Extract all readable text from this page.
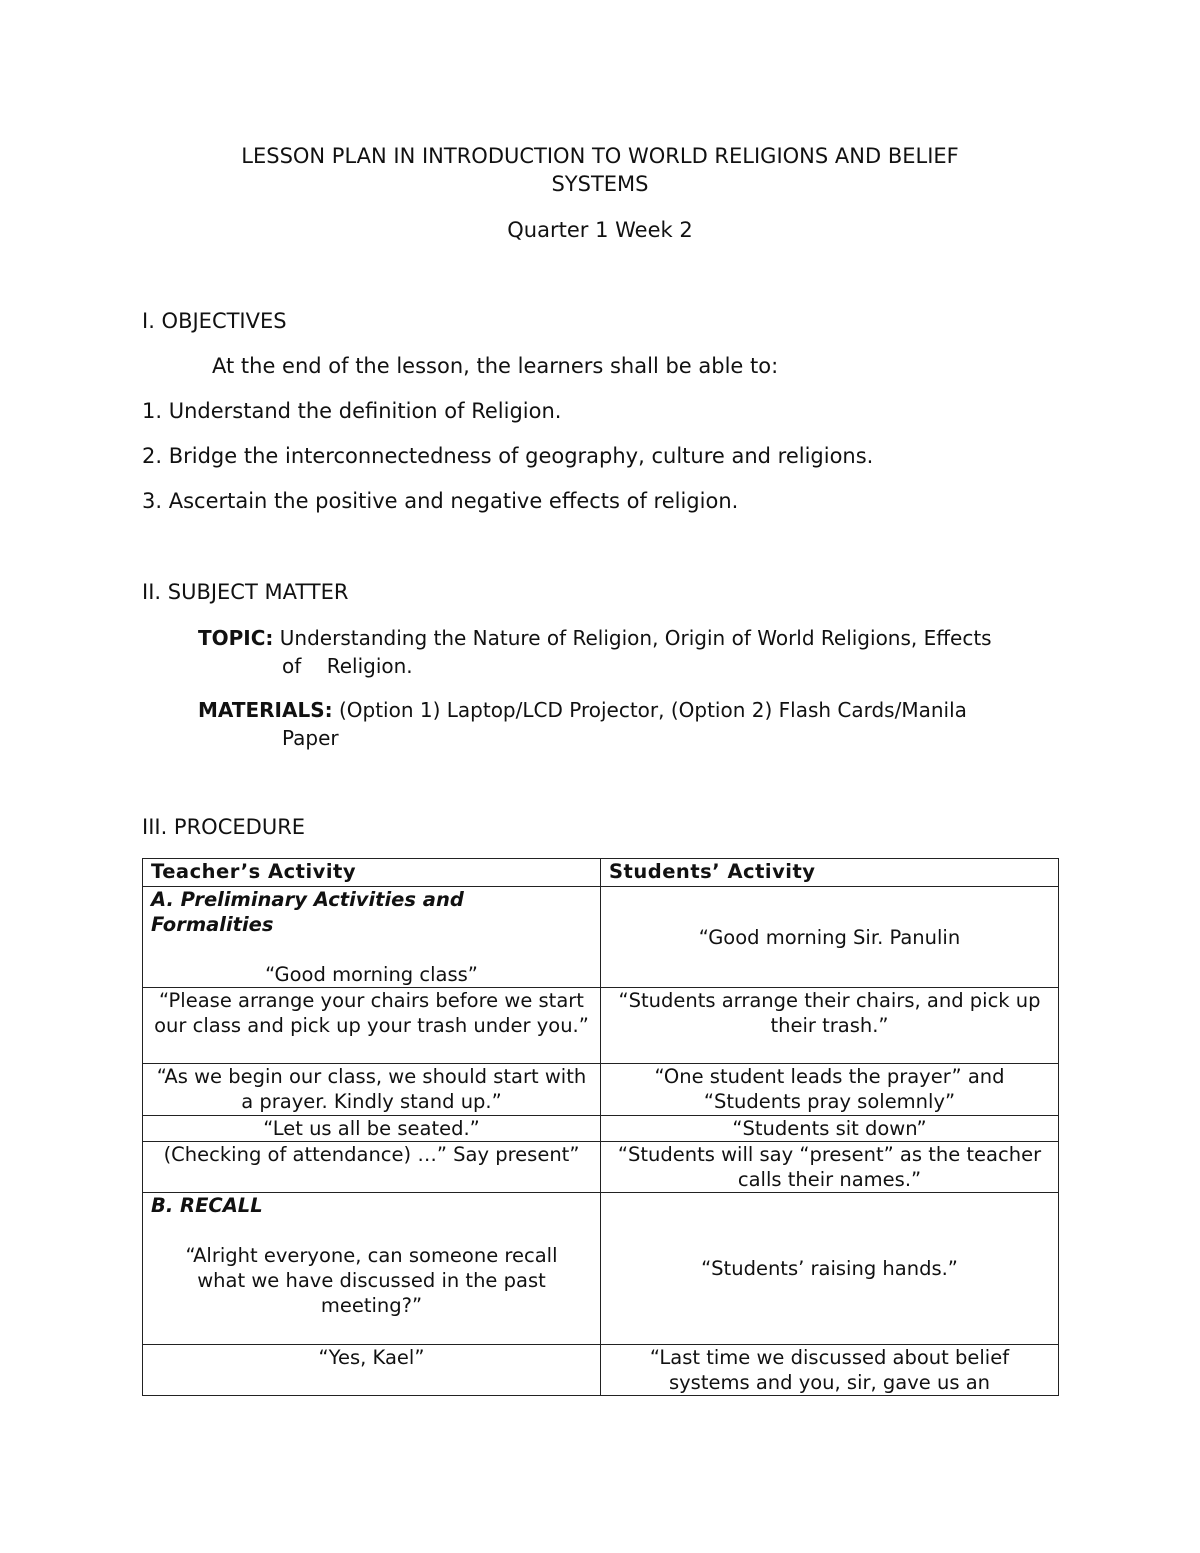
LESSON PLAN IN INTRODUCTION TO WORLD RELIGIONS AND BELIEF
SYSTEMS
Quarter 1 Week 2
I. OBJECTIVES
At the end of the lesson, the learners shall be able to:
1. Understand the definition of Religion.
2. Bridge the interconnectedness of geography, culture and religions.
3. Ascertain the positive and negative effects of religion.
II. SUBJECT MATTER
TOPIC: Understanding the Nature of Religion, Origin of World Religions, Effects
of    Religion.
MATERIALS: (Option 1) Laptop/LCD Projector, (Option 2) Flash Cards/Manila
Paper
III. PROCEDURE
Teacher’s Activity	Students’ Activity

A. Preliminary Activities and Formalities
“Good morning class”	“Good morning Sir. Panulin
“Please arrange your chairs before we start our class and pick up your trash under you.”	“Students arrange their chairs, and pick up their trash.”
“As we begin our class, we should start with a prayer. Kindly stand up.”	“One student leads the prayer” and “Students pray solemnly”
“Let us all be seated.”	“Students sit down”
(Checking of attendance) …” Say present”	“Students will say “present” as the teacher calls their names.”

B. RECALL
“Alright everyone, can someone recall what we have discussed in the past meeting?”	“Students’ raising hands.”
“Yes, Kael”	“Last time we discussed about belief systems and you, sir, gave us an
